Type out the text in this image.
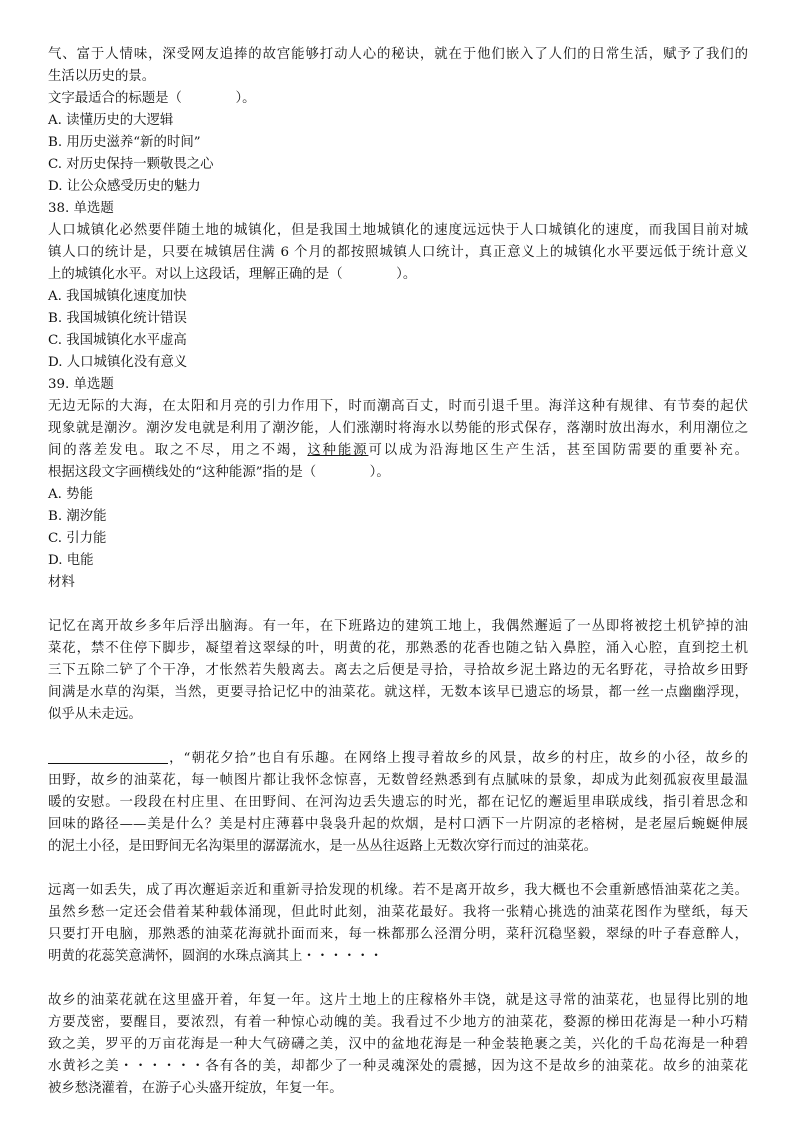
气、富于人情味，深受网友追捧的故宫能够打动人心的秘诀，就在于他们嵌入了人们的日常生活，赋予了我们的
生活以历史的景。
文字最适合的标题是（　　　　）。
A. 读懂历史的大逻辑
B. 用历史滋养“新的时间”
C. 对历史保持一颗敬畏之心
D. 让公众感受历史的魅力
38. 单选题
人口城镇化必然要伴随土地的城镇化，但是我国土地城镇化的速度远远快于人口城镇化的速度，而我国目前对城
镇人口的统计是，只要在城镇居住满 6 个月的都按照城镇人口统计，真正意义上的城镇化水平要远低于统计意义
上的城镇化水平。对以上这段话，理解正确的是（　　　　）。
A. 我国城镇化速度加快
B. 我国城镇化统计错误
C. 我国城镇化水平虚高
D. 人口城镇化没有意义
39. 单选题
无边无际的大海，在太阳和月亮的引力作用下，时而潮高百丈，时而引退千里。海洋这种有规律、有节奏的起伏
现象就是潮汐。潮汐发电就是利用了潮汐能，人们涨潮时将海水以势能的形式保存，落潮时放出海水，利用潮位之
间的落差发电。取之不尽，用之不竭，这种能源可以成为沿海地区生产生活，甚至国防需要的重要补充。
根据这段文字画横线处的“这种能源”指的是（　　　　）。
A. 势能
B. 潮汐能
C. 引力能
D. 电能
材料
记忆在离开故乡多年后浮出脑海。有一年，在下班路边的建筑工地上，我偶然邂逅了一丛即将被挖土机铲掉的油
菜花，禁不住停下脚步，凝望着这翠绿的叶，明黄的花，那熟悉的花香也随之钻入鼻腔，涌入心腔，直到挖土机
三下五除二铲了个干净，才怅然若失般离去。离去之后便是寻拾，寻拾故乡泥土路边的无名野花，寻拾故乡田野
间满是水草的沟渠，当然，更要寻拾记忆中的油菜花。就这样，无数本该早已遗忘的场景，都一丝一点幽幽浮现，
似乎从未走远。
，“朝花夕拾”也自有乐趣。在网络上搜寻着故乡的风景，故乡的村庄，故乡的小径，故乡的
田野，故乡的油菜花，每一帧图片都让我怀念惊喜，无数曾经熟悉到有点腻味的景象，却成为此刻孤寂夜里最温
暖的安慰。一段段在村庄里、在田野间、在河沟边丢失遗忘的时光，都在记忆的邂逅里串联成线，指引着思念和
回味的路径——美是什么？美是村庄薄暮中袅袅升起的炊烟，是村口洒下一片阴凉的老榕树，是老屋后蜿蜒伸展
的泥土小径，是田野间无名沟渠里的潺潺流水，是一丛丛往返路上无数次穿行而过的油菜花。
远离一如丢失，成了再次邂逅亲近和重新寻拾发现的机缘。若不是离开故乡，我大概也不会重新感悟油菜花之美。
虽然乡愁一定还会借着某种载体涌现，但此时此刻，油菜花最好。我将一张精心挑选的油菜花图作为壁纸，每天
只要打开电脑，那熟悉的油菜花海就扑面而来，每一株都那么泾渭分明，菜秆沉稳坚毅，翠绿的叶子春意醉人，
明黄的花蕊笑意满怀，圆润的水珠点滴其上・・・・・・
故乡的油菜花就在这里盛开着，年复一年。这片土地上的庄稼格外丰饶，就是这寻常的油菜花，也显得比别的地
方要茂密，要醒目，要浓烈，有着一种惊心动魄的美。我看过不少地方的油菜花，婺源的梯田花海是一种小巧精
致之美，罗平的万亩花海是一种大气磅礴之美，汉中的盆地花海是一种金装艳裹之美，兴化的千岛花海是一种碧
水黄衫之美・・・・・・各有各的美，却都少了一种灵魂深处的震撼，因为这不是故乡的油菜花。故乡的油菜花
被乡愁浇灌着，在游子心头盛开绽放，年复一年。
